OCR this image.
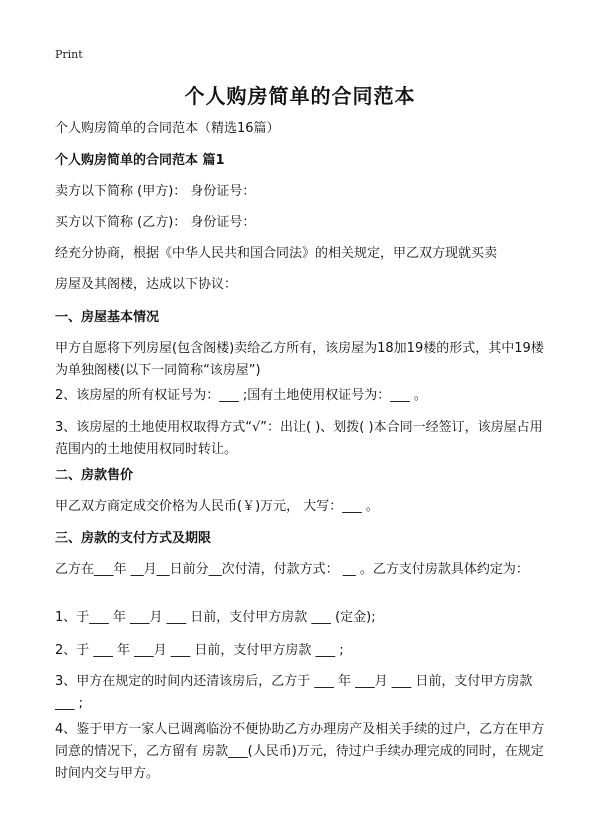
Print
个人购房简单的合同范本
个人购房简单的合同范本（精选16篇）
个人购房简单的合同范本 篇1
卖方以下简称 (甲方)： 身份证号：
买方以下简称 (乙方)： 身份证号：
经充分协商，根据《中华人民共和国合同法》的相关规定，甲乙双方现就买卖
房屋及其阁楼，达成以下协议：
一、房屋基本情况
甲方自愿将下列房屋(包含阁楼)卖给乙方所有，该房屋为18加19楼的形式，其中19楼为单独阁楼(以下一同简称“该房屋”)
2、该房屋的所有权证号为：___ ;国有土地使用权证号为：___ 。
3、该房屋的土地使用权取得方式“√”：出让( )、划拨( )本合同一经签订，该房屋占用范围内的土地使用权同时转让。
二、房款售价
甲乙双方商定成交价格为人民币(￥)万元， 大写：___ 。
三、房款的支付方式及期限
乙方在___年 __月__日前分__次付清，付款方式： __ 。乙方支付房款具体约定为：
1、于___ 年 ___月 ___ 日前，支付甲方房款 ___ (定金);
2、于 ___ 年 ___月 ___ 日前，支付甲方房款 ___ ;
3、甲方在规定的时间内还清该房后，乙方于 ___ 年 ___月 ___ 日前，支付甲方房款___ ;
4、鉴于甲方一家人已调离临汾不便协助乙方办理房产及相关手续的过户，乙方在甲方同意的情况下，乙方留有 房款___(人民币)万元，待过户手续办理完成的同时，在规定时间内交与甲方。
